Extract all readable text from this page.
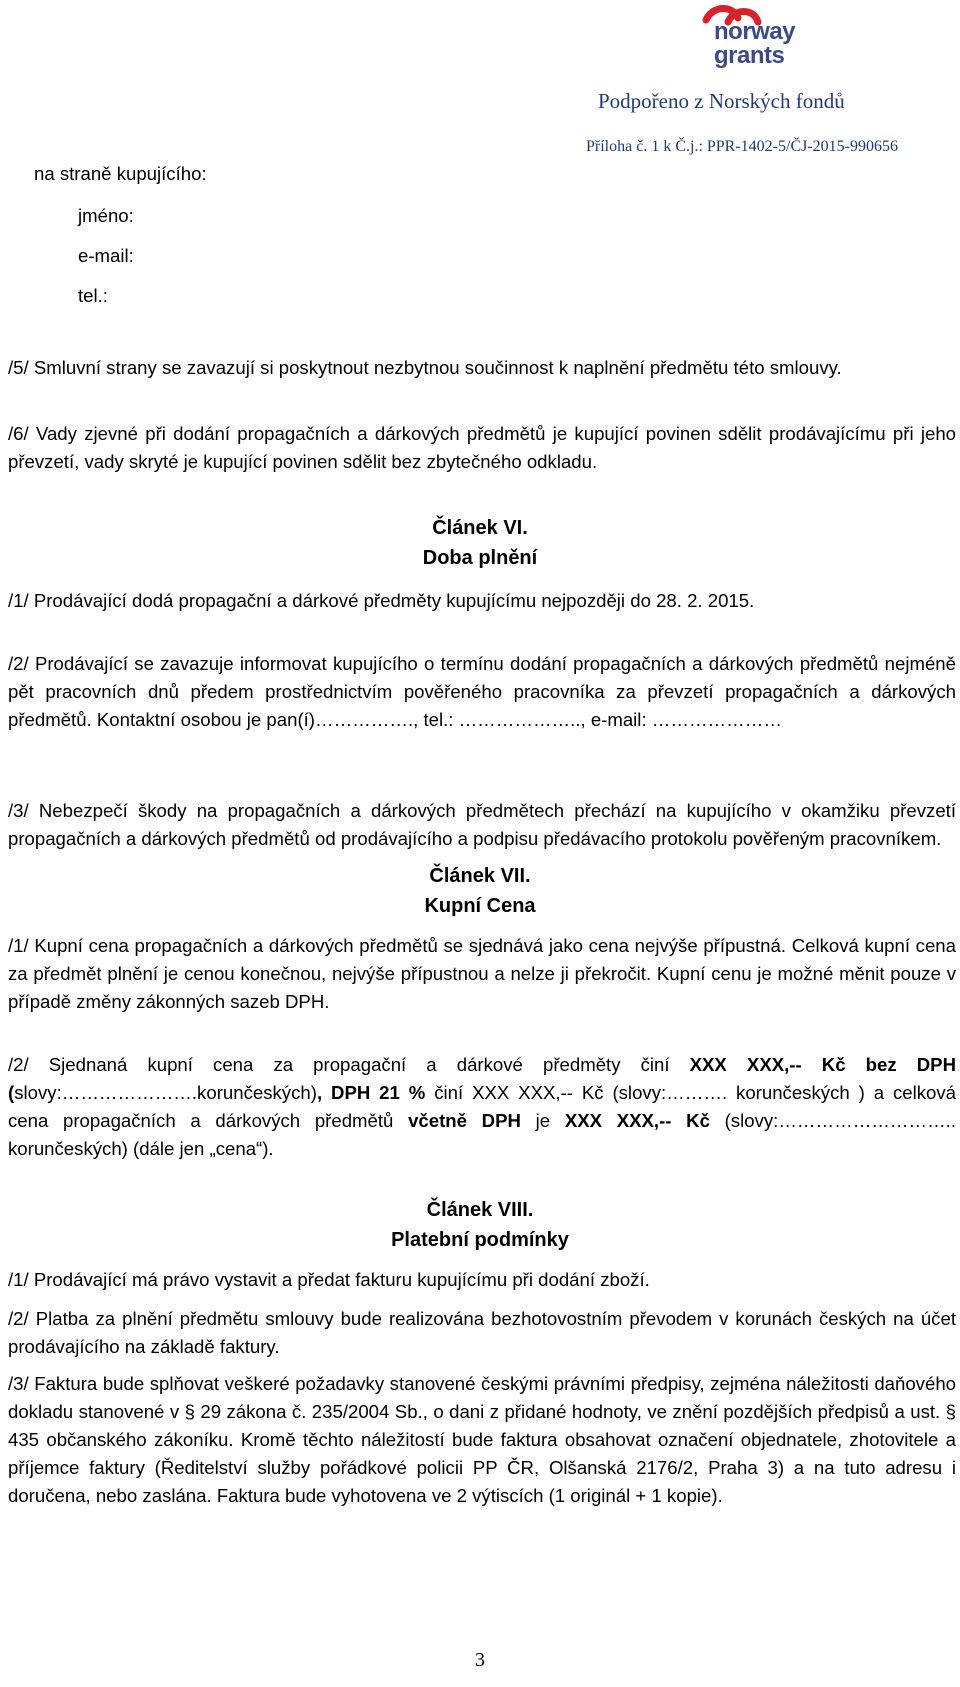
norway
grants
Podpořeno z Norských fondů
Příloha č. 1 k Č.j.: PPR-1402-5/ČJ-2015-990656
na straně kupujícího:
jméno:
e-mail:
tel.:
/5/ Smluvní strany se zavazují si poskytnout nezbytnou součinnost k naplnění předmětu této smlouvy.
/6/ Vady zjevné při dodání propagačních a dárkových předmětů je kupující povinen sdělit prodávajícímu při jeho převzetí, vady skryté je kupující povinen sdělit bez zbytečného odkladu.
Článek VI.
Doba plnění
/1/ Prodávající dodá propagační a dárkové předměty kupujícímu nejpozději do 28. 2. 2015.
/2/ Prodávající se zavazuje informovat kupujícího o termínu dodání propagačních a dárkových předmětů nejméně pět pracovních dnů předem prostřednictvím pověřeného pracovníka za převzetí propagačních a dárkových předmětů. Kontaktní osobou je pan(í)……………., tel.: ……………….., e-mail: …………………
/3/ Nebezpečí škody na propagačních a dárkových předmětech přechází na kupujícího v okamžiku převzetí propagačních a dárkových předmětů od prodávajícího a podpisu předávacího protokolu pověřeným pracovníkem.
Článek VII.
Kupní Cena
/1/ Kupní cena propagačních a dárkových předmětů se sjednává jako cena nejvýše přípustná. Celková kupní cena za předmět plnění je cenou konečnou, nejvýše přípustnou a nelze ji překročit. Kupní cenu je možné měnit pouze v případě změny zákonných sazeb DPH.
/2/ Sjednaná kupní cena za propagační a dárkové předměty činí XXX XXX,-- Kč bez DPH (slovy:………………….korunčeských), DPH 21 % činí XXX XXX,-- Kč (slovy:………. korunčeských ) a celková cena propagačních a dárkových předmětů včetně DPH je XXX XXX,-- Kč (slovy:……………………….. korunčeských) (dále jen „cena“).
Článek VIII.
Platební podmínky
/1/ Prodávající má právo vystavit a předat fakturu kupujícímu při dodání zboží.
/2/ Platba za plnění předmětu smlouvy bude realizována bezhotovostním převodem v korunách českých na účet prodávajícího na základě faktury.
/3/ Faktura bude splňovat veškeré požadavky stanovené českými právními předpisy, zejména náležitosti daňového dokladu stanovené v § 29 zákona č. 235/2004 Sb., o dani z přidané hodnoty, ve znění pozdějších předpisů a ust. § 435 občanského zákoníku. Kromě těchto náležitostí bude faktura obsahovat označení objednatele, zhotovitele a příjemce faktury (Ředitelství služby pořádkové policii PP ČR, Olšanská 2176/2, Praha 3) a na tuto adresu i doručena, nebo zaslána. Faktura bude vyhotovena ve 2 výtiscích (1 originál + 1 kopie).
3
